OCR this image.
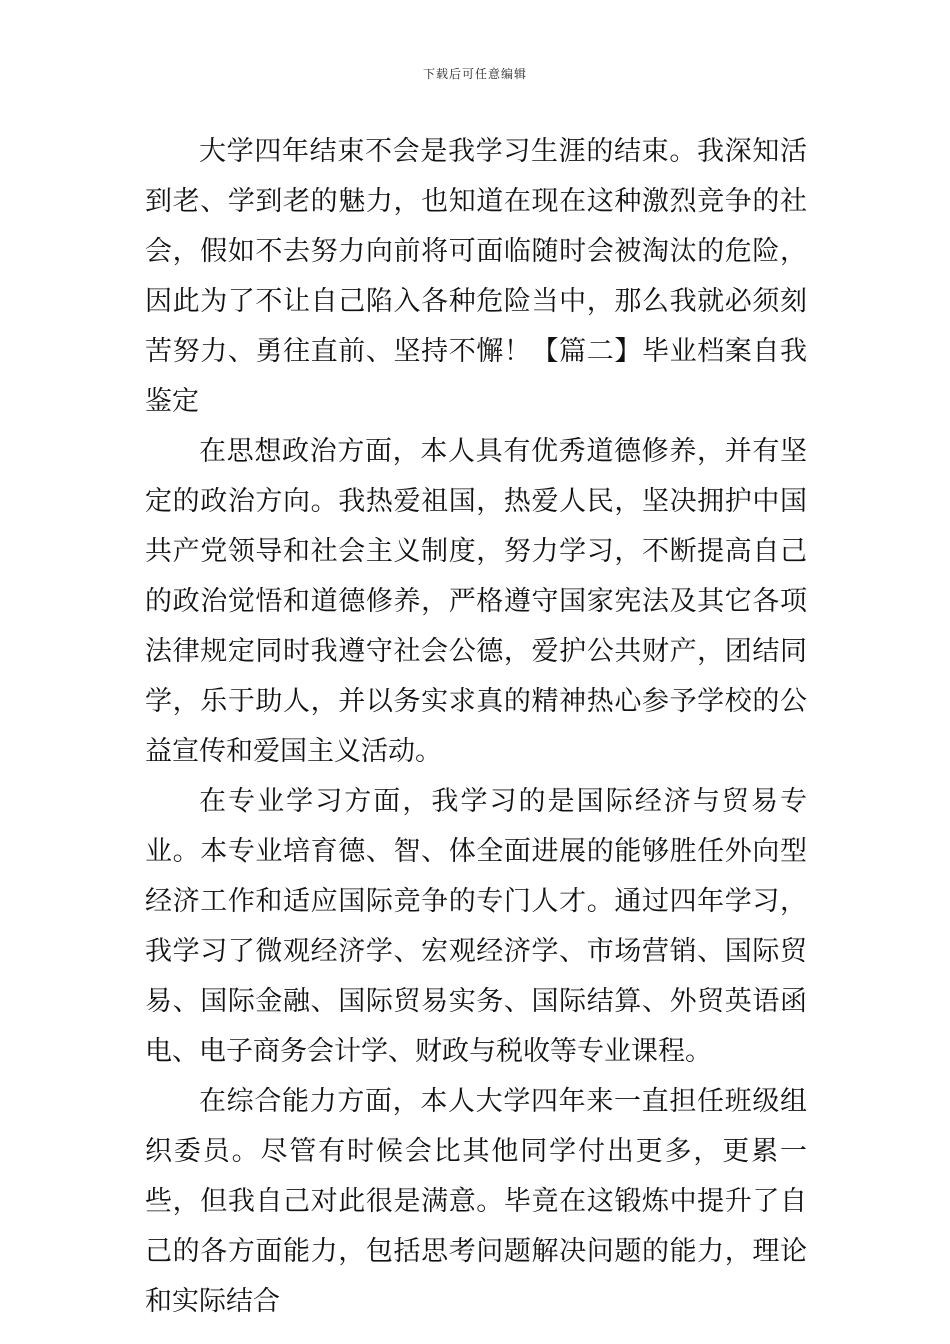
下载后可任意编辑

大学四年结束不会是我学习生涯的结束。我深知活到老、学到老的魅力，也知道在现在这种激烈竞争的社会，假如不去努力向前将可面临随时会被淘汰的危险，因此为了不让自己陷入各种危险当中，那么我就必须刻苦努力、勇往直前、坚持不懈！【篇二】毕业档案自我鉴定

在思想政治方面，本人具有优秀道德修养，并有坚定的政治方向。我热爱祖国，热爱人民，坚决拥护中国共产党领导和社会主义制度，努力学习，不断提高自己的政治觉悟和道德修养，严格遵守国家宪法及其它各项法律规定同时我遵守社会公德，爱护公共财产，团结同学，乐于助人，并以务实求真的精神热心参予学校的公益宣传和爱国主义活动。

在专业学习方面，我学习的是国际经济与贸易专业。本专业培育德、智、体全面进展的能够胜任外向型经济工作和适应国际竞争的专门人才。通过四年学习，我学习了微观经济学、宏观经济学、市场营销、国际贸易、国际金融、国际贸易实务、国际结算、外贸英语函电、电子商务会计学、财政与税收等专业课程。

在综合能力方面，本人大学四年来一直担任班级组织委员。尽管有时候会比其他同学付出更多，更累一些，但我自己对此很是满意。毕竟在这锻炼中提升了自己的各方面能力，包括思考问题解决问题的能力，理论和实际结合
